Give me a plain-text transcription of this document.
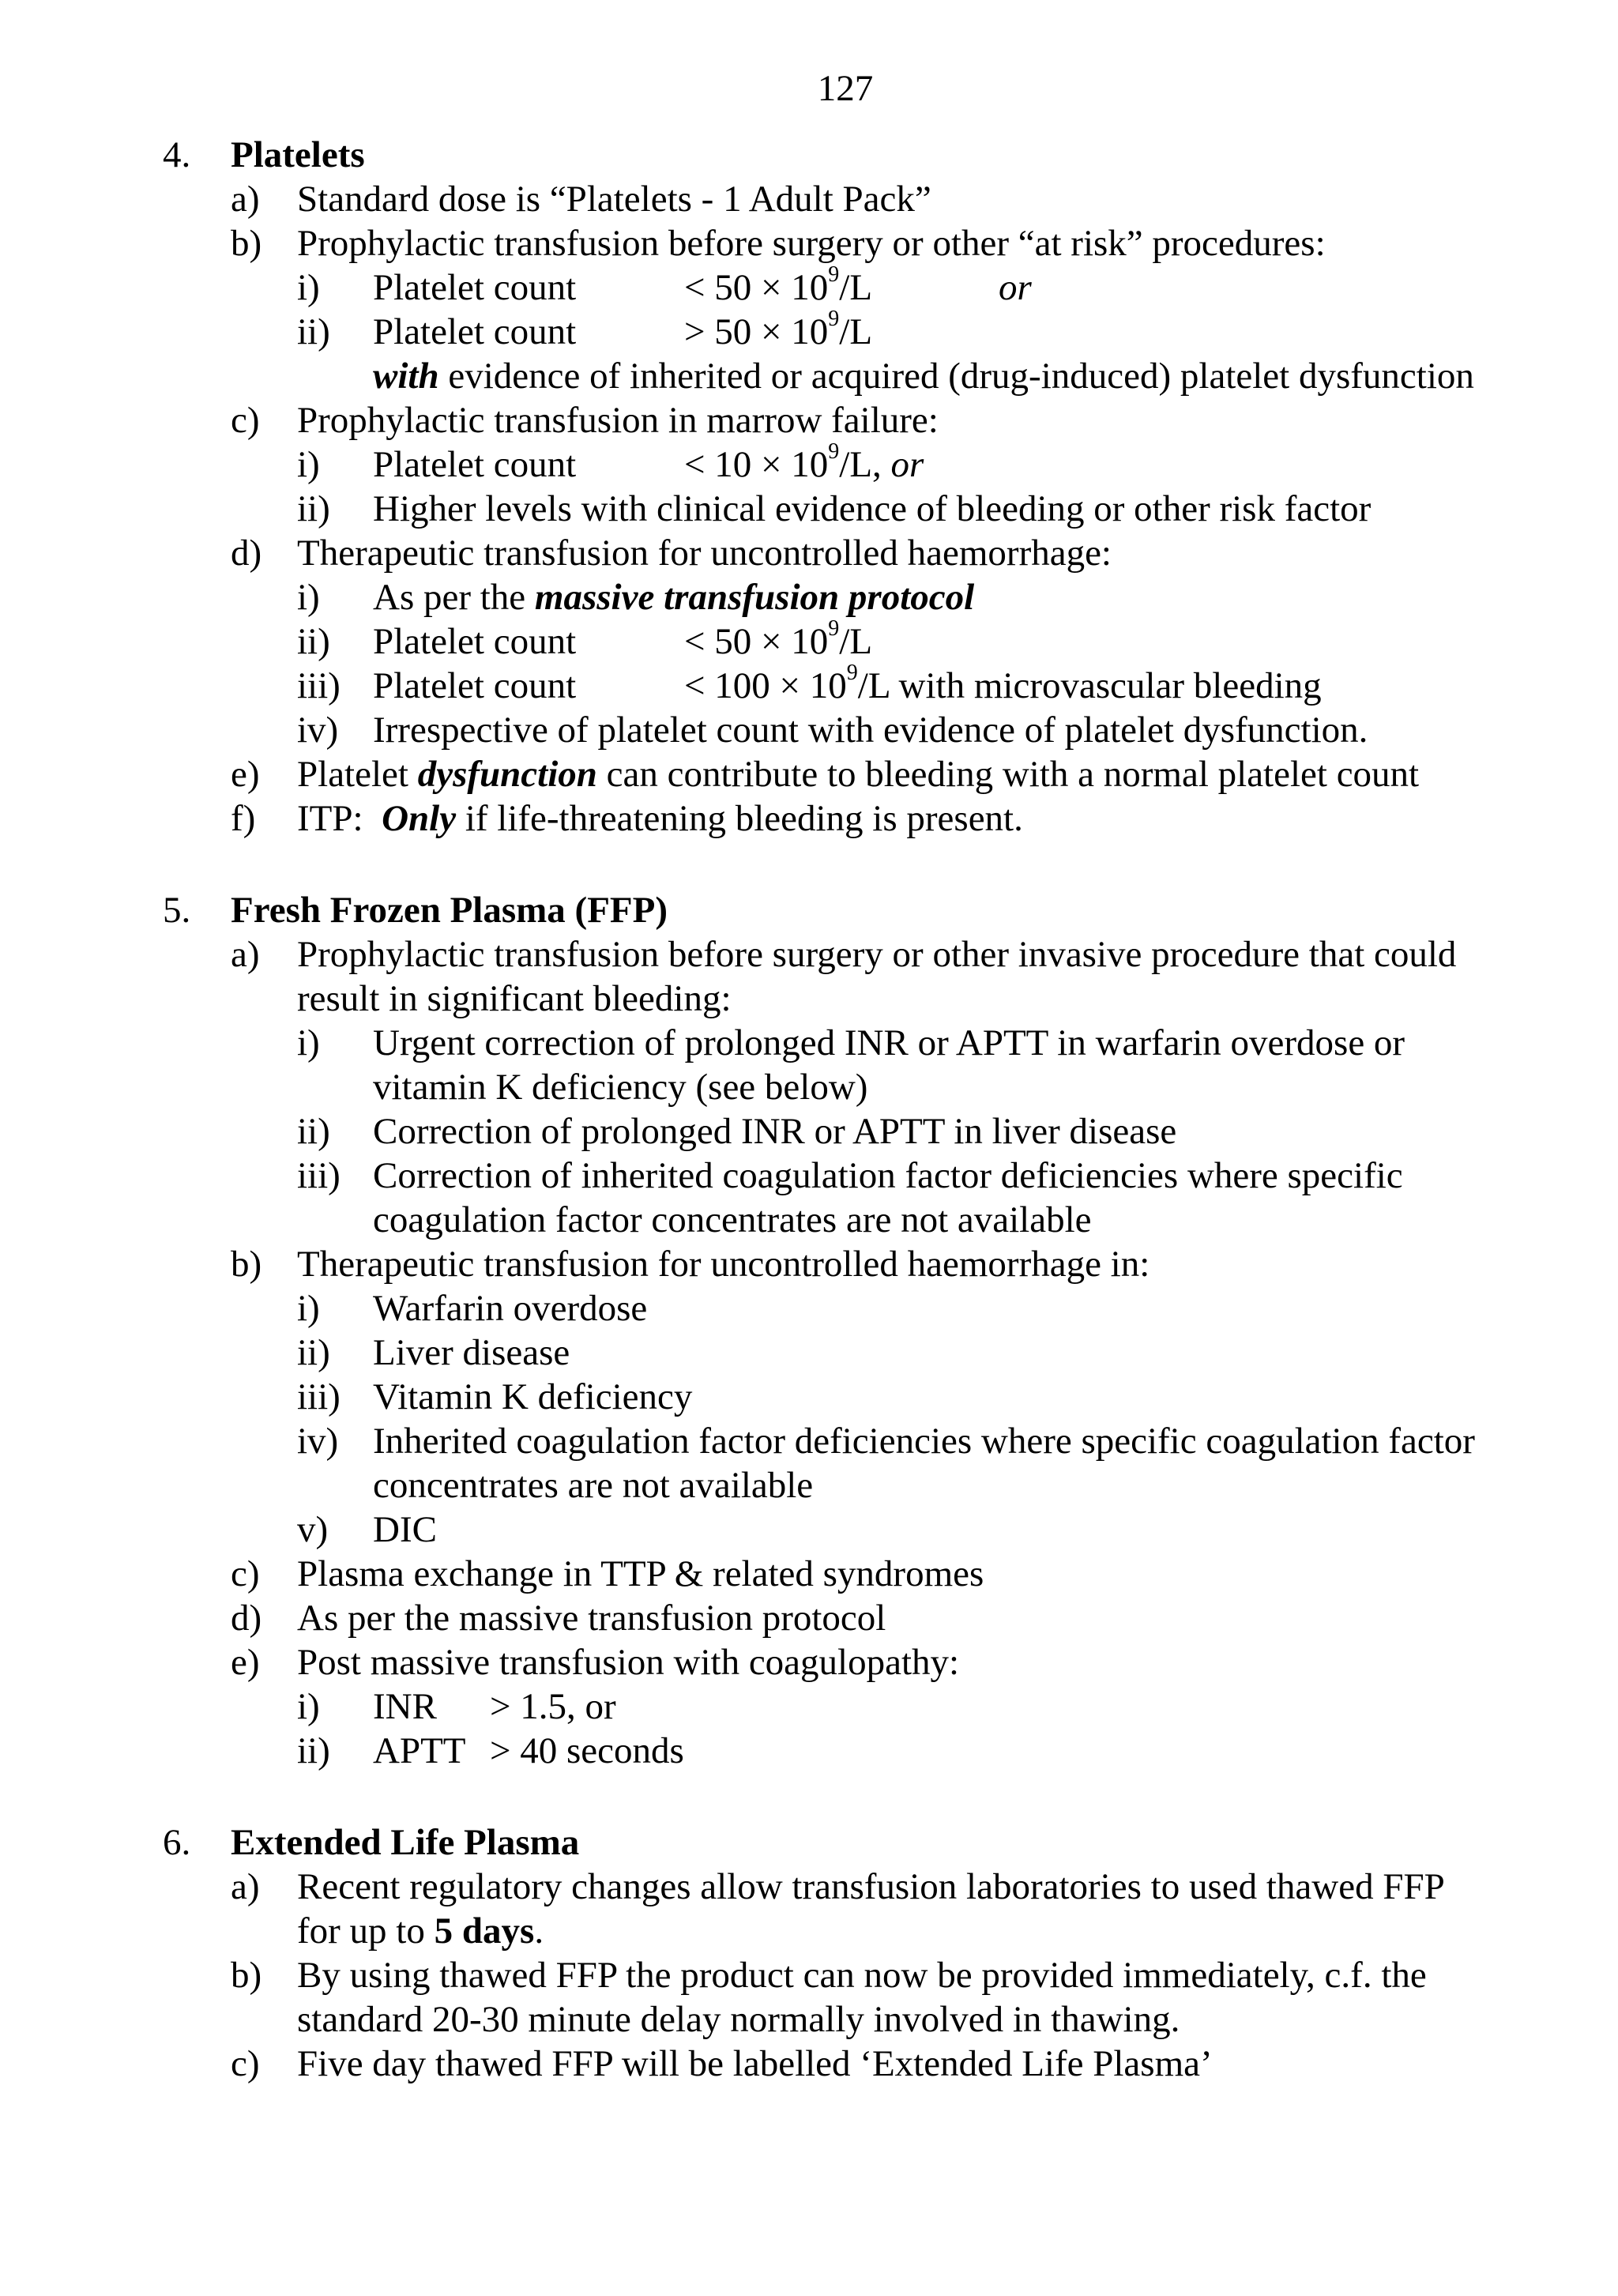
127
4. Platelets
a) Standard dose is “Platelets - 1 Adult Pack”
b) Prophylactic transfusion before surgery or other “at risk” procedures:
i) Platelet count	< $50 \times 10^9/L$	or
ii) Platelet count	> $50 \times 10^9/L$
with evidence of inherited or acquired (drug-induced) platelet dysfunction
c) Prophylactic transfusion in marrow failure:
i) Platelet count	< $10 \times 10^9/L$, or
ii) Higher levels with clinical evidence of bleeding or other risk factor
d) Therapeutic transfusion for uncontrolled haemorrhage:
i) As per the massive transfusion protocol
ii) Platelet count	< $50 \times 10^9/L$
iii) Platelet count	< $100 \times 10^9/L$ with microvascular bleeding
iv) Irrespective of platelet count with evidence of platelet dysfunction.
e) Platelet dysfunction can contribute to bleeding with a normal platelet count
f) ITP:  Only if life-threatening bleeding is present.
5. Fresh Frozen Plasma (FFP)
a) Prophylactic transfusion before surgery or other invasive procedure that could
result in significant bleeding:
i) Urgent correction of prolonged INR or APTT in warfarin overdose or
vitamin K deficiency (see below)
ii) Correction of prolonged INR or APTT in liver disease
iii) Correction of inherited coagulation factor deficiencies where specific
coagulation factor concentrates are not available
b) Therapeutic transfusion for uncontrolled haemorrhage in:
i) Warfarin overdose
ii) Liver disease
iii) Vitamin K deficiency
iv) Inherited coagulation factor deficiencies where specific coagulation factor
concentrates are not available
v) DIC
c) Plasma exchange in TTP & related syndromes
d) As per the massive transfusion protocol
e) Post massive transfusion with coagulopathy:
i) INR > 1.5, or
ii) APTT > 40 seconds
6. Extended Life Plasma
a) Recent regulatory changes allow transfusion laboratories to used thawed FFP
for up to 5 days.
b) By using thawed FFP the product can now be provided immediately, c.f. the
standard 20-30 minute delay normally involved in thawing.
c) Five day thawed FFP will be labelled ‘Extended Life Plasma’
